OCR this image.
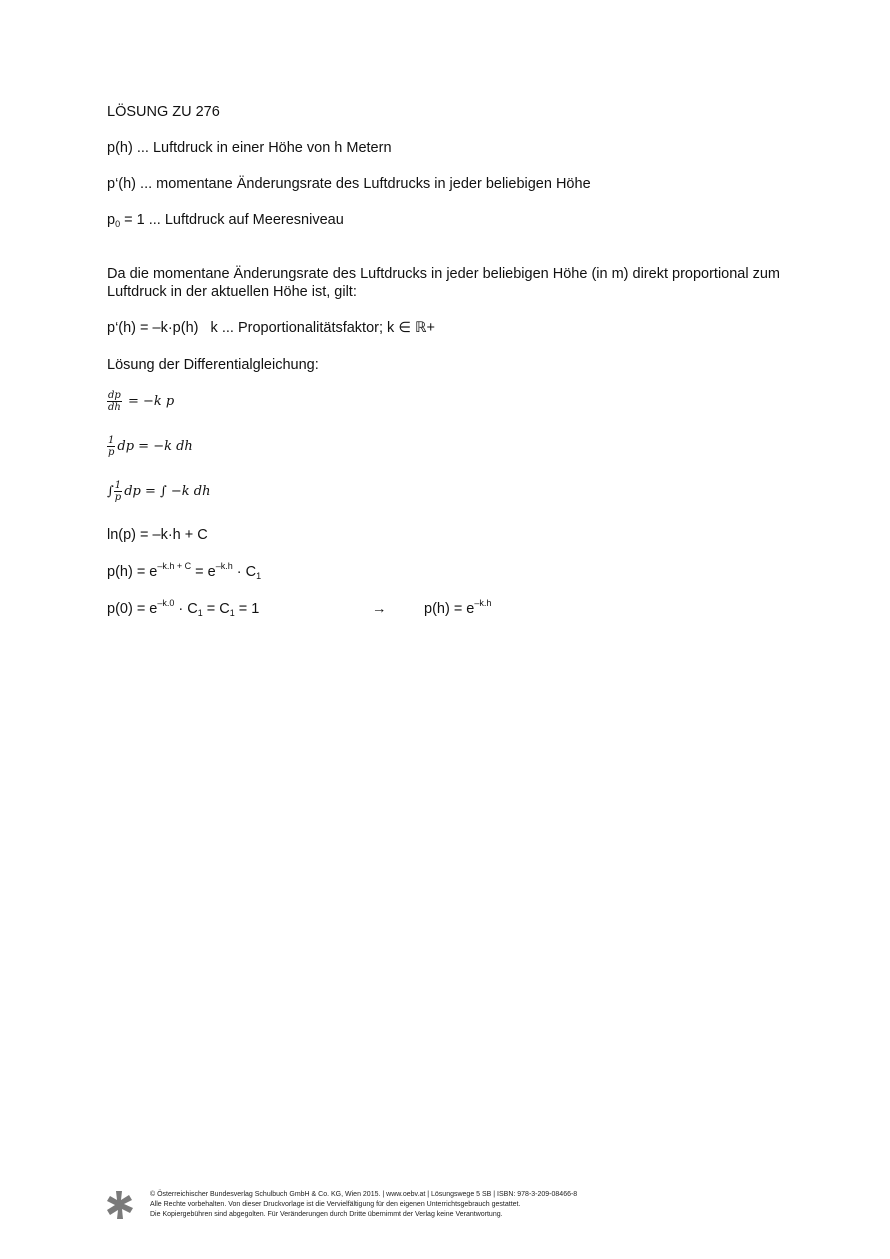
LÖSUNG ZU 276
p(h) ... Luftdruck in einer Höhe von h Metern
p‘(h) ... momentane Änderungsrate des Luftdrucks in jeder beliebigen Höhe
$p_0 = 1$ ... Luftdruck auf Meeresniveau
Da die momentane Änderungsrate des Luftdrucks in jeder beliebigen Höhe (in m) direkt proportional zum Luftdruck in der aktuellen Höhe ist, gilt:
p‘(h) = –k·p(h)   k ... Proportionalitätsfaktor; k ∈ ℝ+
Lösung der Differentialgleichung:
$\frac{dp}{dh} = -k$ p
$\frac{1}{p}$ dp = −k dh
∫ $\frac{1}{p}$ dp = ∫ −k dh
ln(p) = –k·h + C
$p(h) = e^{-k.h + C} = e^{-k.h} \cdot C_1$
$p(0) = e^{-k.0} \cdot C_1 = C_1 = 1$	→	$p(h) = e^{-k.h}$
© Österreichischer Bundesverlag Schulbuch GmbH & Co. KG, Wien 2015. | www.oebv.at | Lösungswege 5 SB | ISBN: 978-3-209-08466-8
Alle Rechte vorbehalten. Von dieser Druckvorlage ist die Vervielfältigung für den eigenen Unterrichtsgebrauch gestattet.
Die Kopiergebühren sind abgegolten. Für Veränderungen durch Dritte übernimmt der Verlag keine Verantwortung.
